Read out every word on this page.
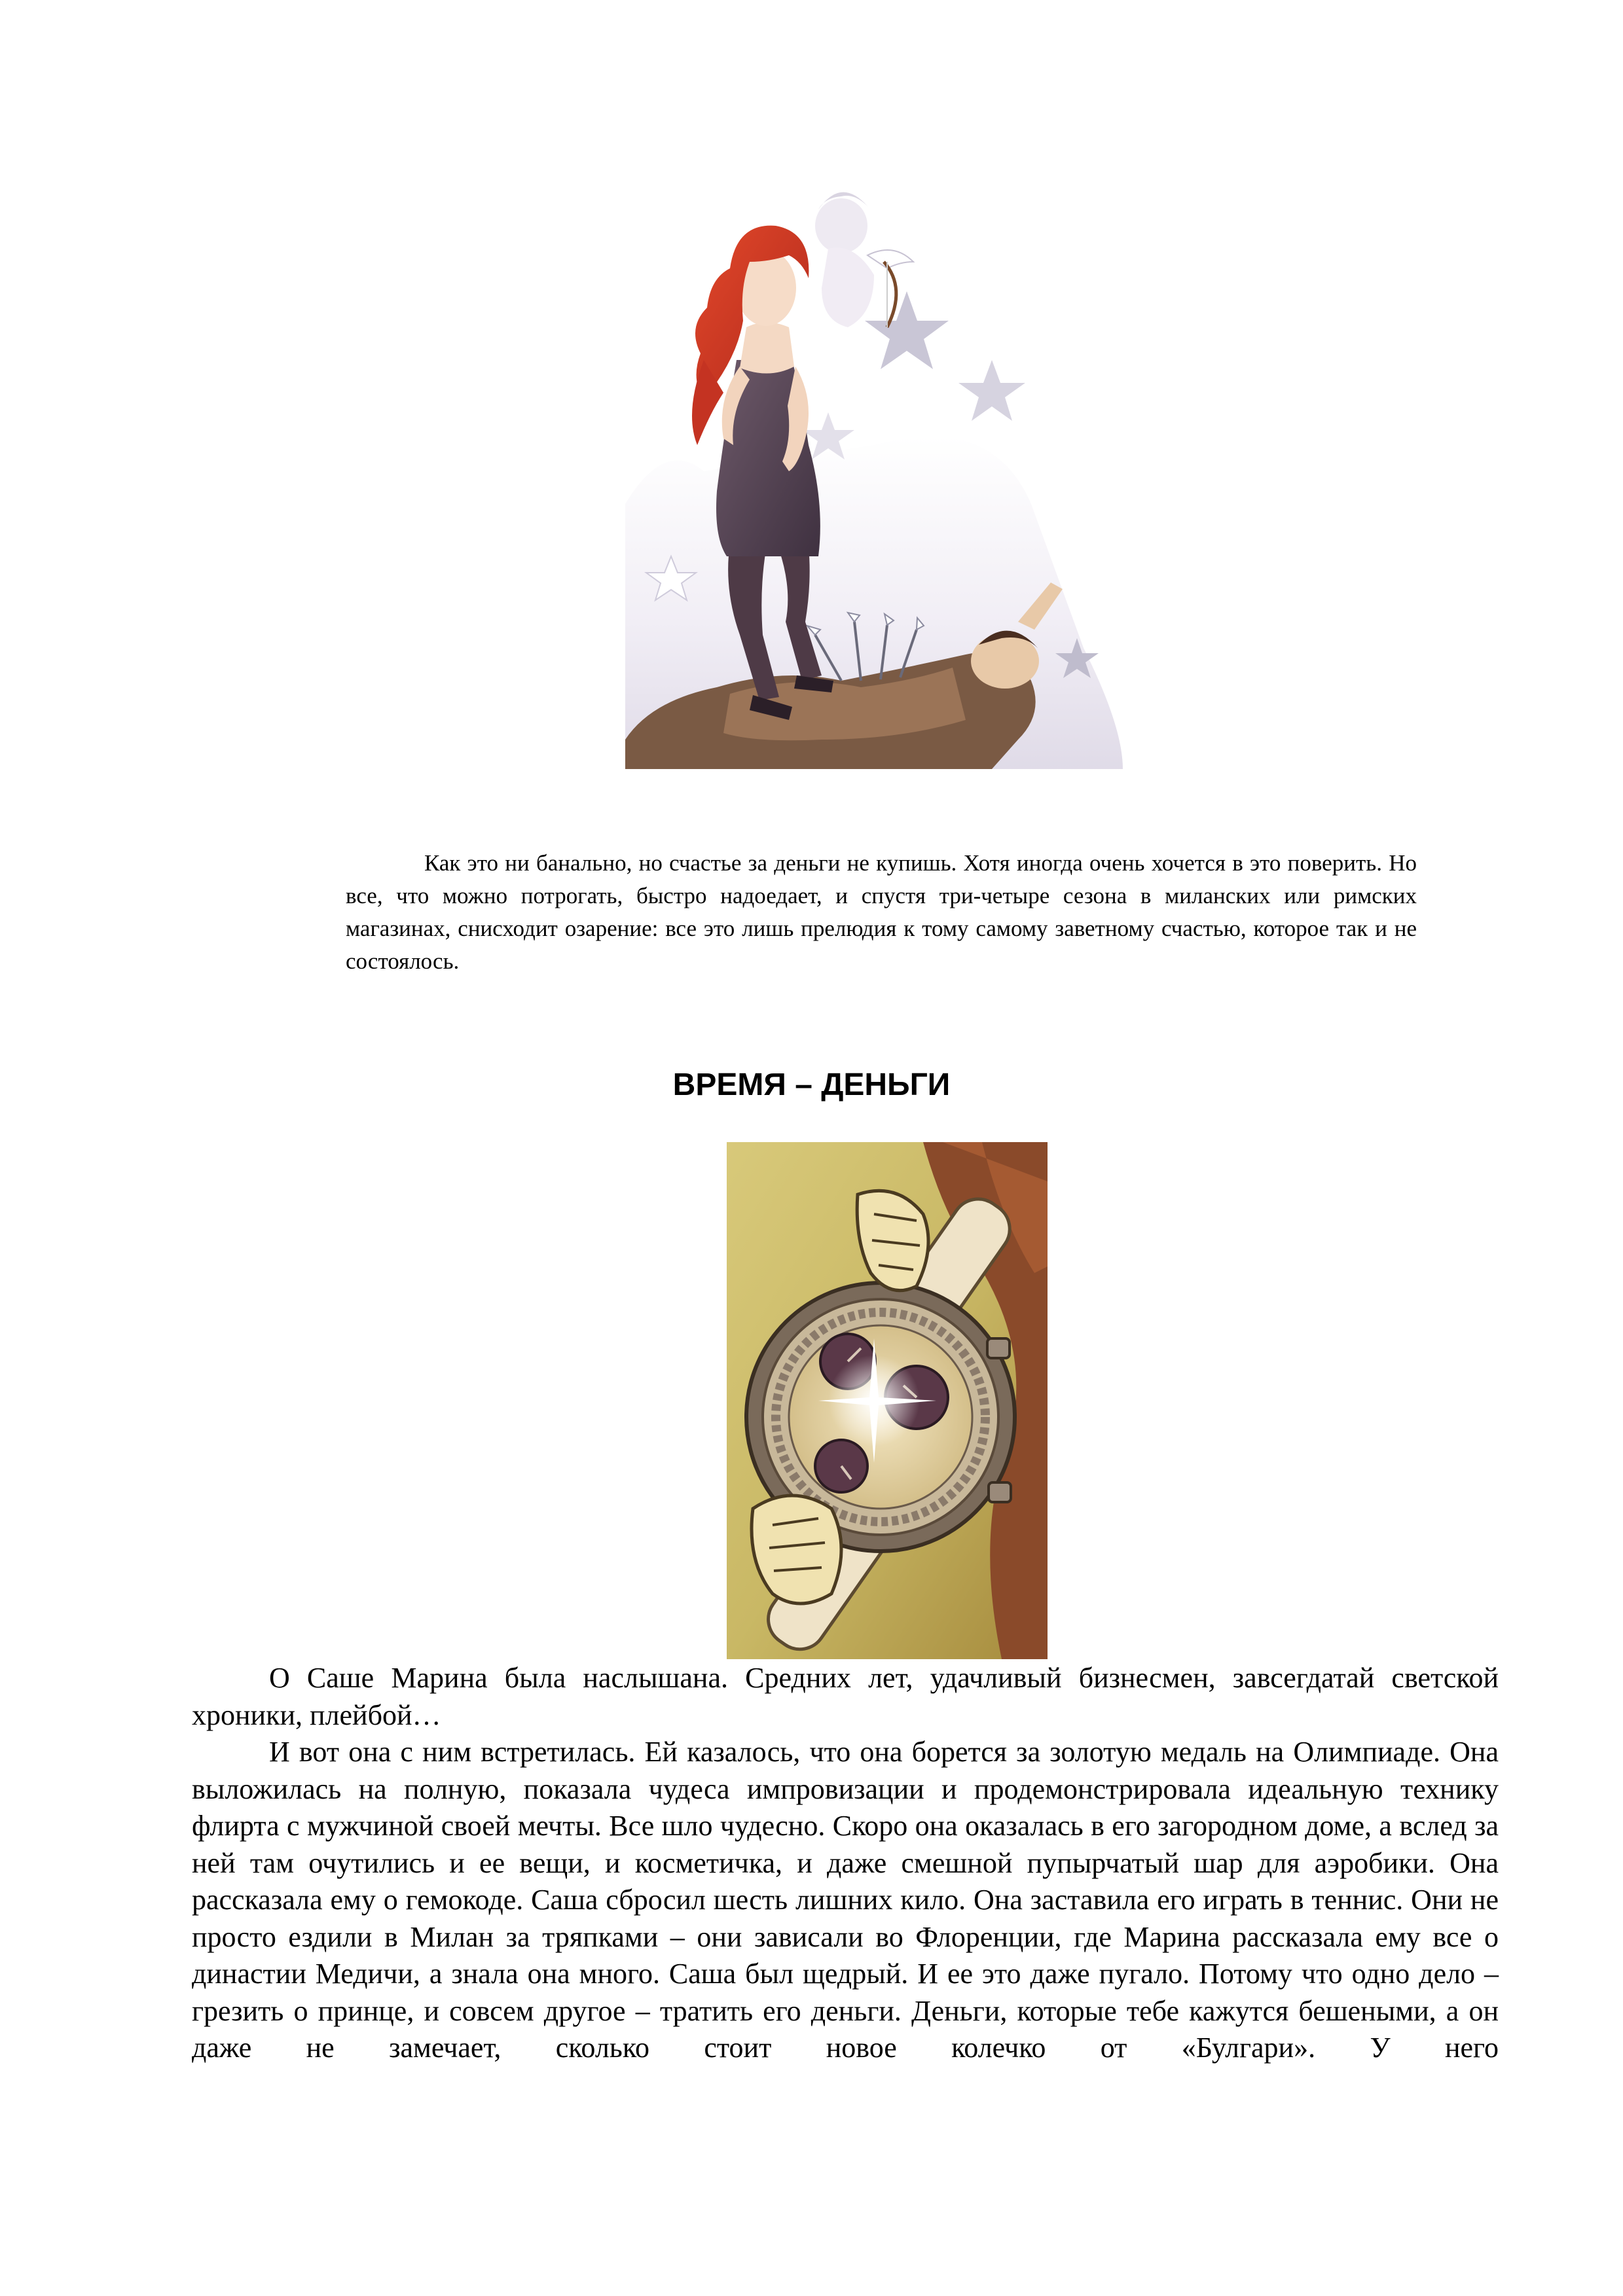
Как это ни банально, но счастье за деньги не купишь. Хотя иногда очень хочется в это поверить. Но все, что можно потрогать, быстро надоедает, и спустя три-четыре сезона в миланских или римских магазинах, снисходит озарение: все это лишь прелюдия к тому самому заветному счастью, которое так и не состоялось.

ВРЕМЯ – ДЕНЬГИ

О Саше Марина была наслышана. Средних лет, удачливый бизнесмен, завсегдатай светской хроники, плейбой…

И вот она с ним встретилась. Ей казалось, что она борется за золотую медаль на Олимпиаде. Она выложилась на полную, показала чудеса импровизации и продемонстрировала идеальную технику флирта с мужчиной своей мечты. Все шло чудесно. Скоро она оказалась в его загородном доме, а вслед за ней там очутились и ее вещи, и косметичка, и даже смешной пупырчатый шар для аэробики. Она рассказала ему о гемокоде. Саша сбросил шесть лишних кило. Она заставила его играть в теннис. Они не просто ездили в Милан за тряпками – они зависали во Флоренции, где Марина рассказала ему все о династии Медичи, а знала она много. Саша был щедрый. И ее это даже пугало. Потому что одно дело – грезить о принце, и совсем другое – тратить его деньги. Деньги, которые тебе кажутся бешеными, а он даже не замечает, сколько стоит новое колечко от «Булгари». У него
